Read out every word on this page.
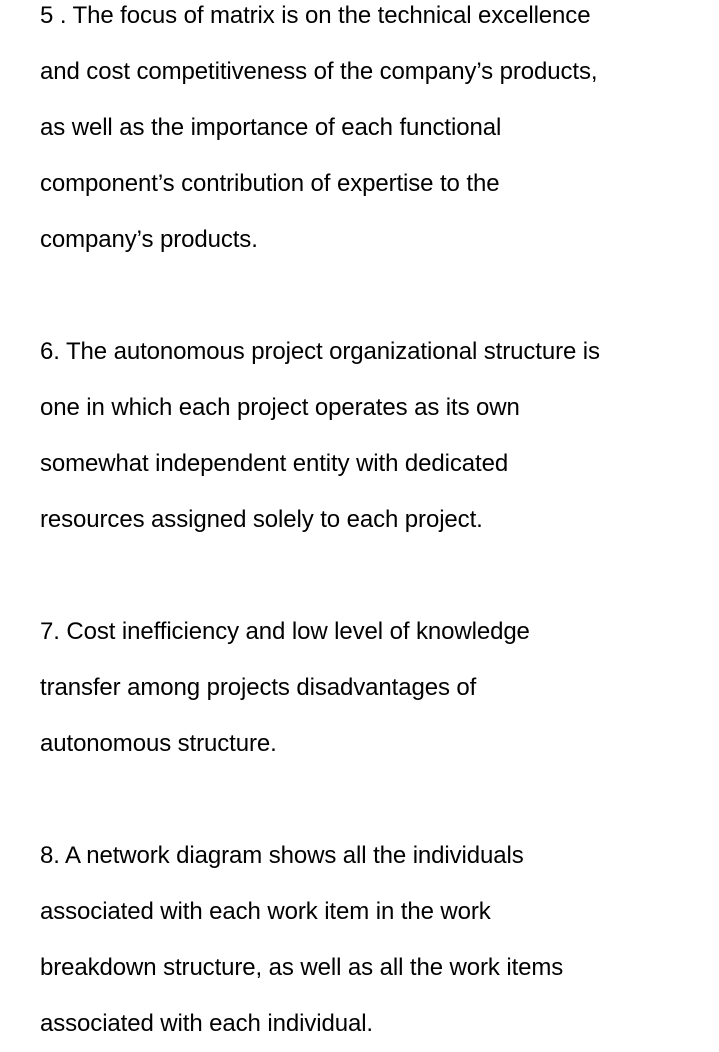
5 . The focus of matrix is on the technical excellence
and cost competitiveness of the company’s products,
as well as the importance of each functional
component’s contribution of expertise to the
company’s products.

6. The autonomous project organizational structure is
one in which each project operates as its own
somewhat independent entity with dedicated
resources assigned solely to each project.

7. Cost inefficiency and low level of knowledge
transfer among projects disadvantages of
autonomous structure.

8. A network diagram shows all the individuals
associated with each work item in the work
breakdown structure, as well as all the work items
associated with each individual.
